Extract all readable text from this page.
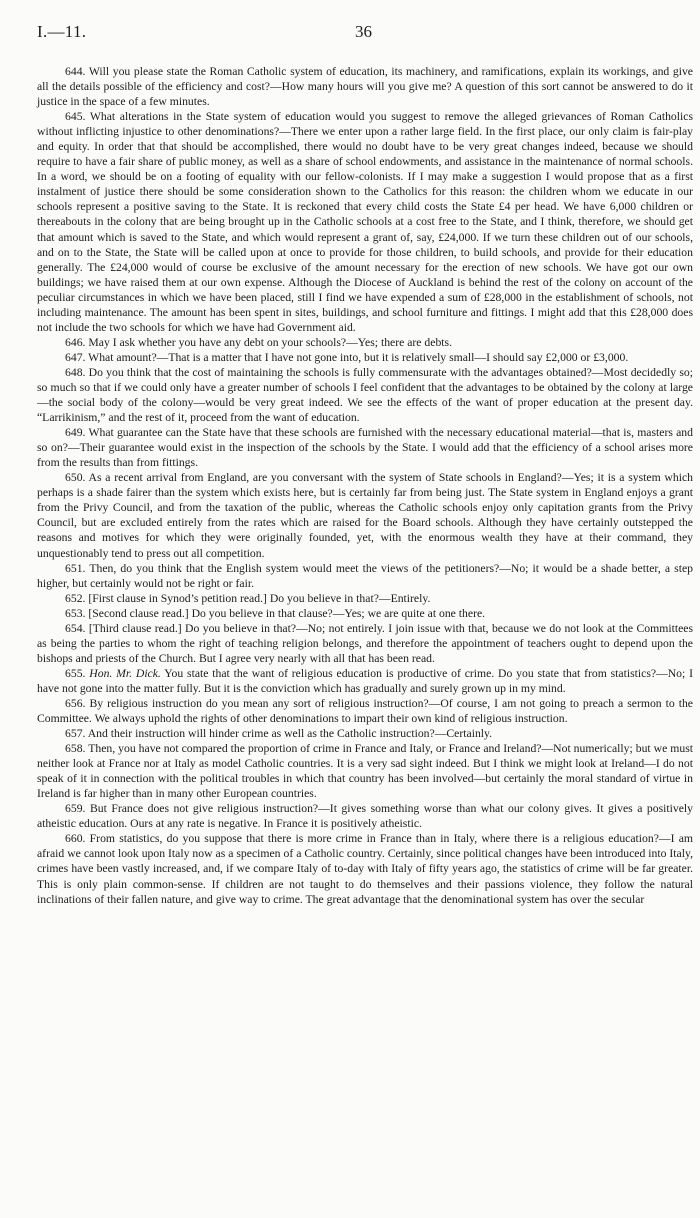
I.—11.	36

644. Will you please state the Roman Catholic system of education, its machinery, and ramifications, explain its workings, and give all the details possible of the efficiency and cost?—How many hours will you give me? A question of this sort cannot be answered to do it justice in the space of a few minutes.

645. What alterations in the State system of education would you suggest to remove the alleged grievances of Roman Catholics without inflicting injustice to other denominations?—There we enter upon a rather large field. In the first place, our only claim is fair-play and equity. In order that that should be accomplished, there would no doubt have to be very great changes indeed, because we should require to have a fair share of public money, as well as a share of school endowments, and assistance in the maintenance of normal schools. In a word, we should be on a footing of equality with our fellow-colonists. If I may make a suggestion I would propose that as a first instalment of justice there should be some consideration shown to the Catholics for this reason: the children whom we educate in our schools represent a positive saving to the State. It is reckoned that every child costs the State £4 per head. We have 6,000 children or thereabouts in the colony that are being brought up in the Catholic schools at a cost free to the State, and I think, therefore, we should get that amount which is saved to the State, and which would represent a grant of, say, £24,000. If we turn these children out of our schools, and on to the State, the State will be called upon at once to provide for those children, to build schools, and provide for their education generally. The £24,000 would of course be exclusive of the amount necessary for the erection of new schools. We have got our own buildings; we have raised them at our own expense. Although the Diocese of Auckland is behind the rest of the colony on account of the peculiar circumstances in which we have been placed, still I find we have expended a sum of £28,000 in the establishment of schools, not including maintenance. The amount has been spent in sites, buildings, and school furniture and fittings. I might add that this £28,000 does not include the two schools for which we have had Government aid.

646. May I ask whether you have any debt on your schools?—Yes; there are debts.

647. What amount?—That is a matter that I have not gone into, but it is relatively small—I should say £2,000 or £3,000.

648. Do you think that the cost of maintaining the schools is fully commensurate with the advantages obtained?—Most decidedly so; so much so that if we could only have a greater number of schools I feel confident that the advantages to be obtained by the colony at large—the social body of the colony—would be very great indeed. We see the effects of the want of proper education at the present day. “Larrikinism,” and the rest of it, proceed from the want of education.

649. What guarantee can the State have that these schools are furnished with the necessary educational material—that is, masters and so on?—Their guarantee would exist in the inspection of the schools by the State. I would add that the efficiency of a school arises more from the results than from fittings.

650. As a recent arrival from England, are you conversant with the system of State schools in England?—Yes; it is a system which perhaps is a shade fairer than the system which exists here, but is certainly far from being just. The State system in England enjoys a grant from the Privy Council, and from the taxation of the public, whereas the Catholic schools enjoy only capitation grants from the Privy Council, but are excluded entirely from the rates which are raised for the Board schools. Although they have certainly outstepped the reasons and motives for which they were originally founded, yet, with the enormous wealth they have at their command, they unquestionably tend to press out all competition.

651. Then, do you think that the English system would meet the views of the petitioners?—No; it would be a shade better, a step higher, but certainly would not be right or fair.

652. [First clause in Synod’s petition read.] Do you believe in that?—Entirely.

653. [Second clause read.] Do you believe in that clause?—Yes; we are quite at one there.

654. [Third clause read.] Do you believe in that?—No; not entirely. I join issue with that, because we do not look at the Committees as being the parties to whom the right of teaching religion belongs, and therefore the appointment of teachers ought to depend upon the bishops and priests of the Church. But I agree very nearly with all that has been read.

655. Hon. Mr. Dick. You state that the want of religious education is productive of crime. Do you state that from statistics?—No; I have not gone into the matter fully. But it is the conviction which has gradually and surely grown up in my mind.

656. By religious instruction do you mean any sort of religious instruction?—Of course, I am not going to preach a sermon to the Committee. We always uphold the rights of other denominations to impart their own kind of religious instruction.

657. And their instruction will hinder crime as well as the Catholic instruction?—Certainly.

658. Then, you have not compared the proportion of crime in France and Italy, or France and Ireland?—Not numerically; but we must neither look at France nor at Italy as model Catholic countries. It is a very sad sight indeed. But I think we might look at Ireland—I do not speak of it in connection with the political troubles in which that country has been involved—but certainly the moral standard of virtue in Ireland is far higher than in many other European countries.

659. But France does not give religious instruction?—It gives something worse than what our colony gives. It gives a positively atheistic education. Ours at any rate is negative. In France it is positively atheistic.

660. From statistics, do you suppose that there is more crime in France than in Italy, where there is a religious education?—I am afraid we cannot look upon Italy now as a specimen of a Catholic country. Certainly, since political changes have been introduced into Italy, crimes have been vastly increased, and, if we compare Italy of to-day with Italy of fifty years ago, the statistics of crime will be far greater. This is only plain common-sense. If children are not taught to do themselves and their passions violence, they follow the natural inclinations of their fallen nature, and give way to crime. The great advantage that the denominational system has over the secular
